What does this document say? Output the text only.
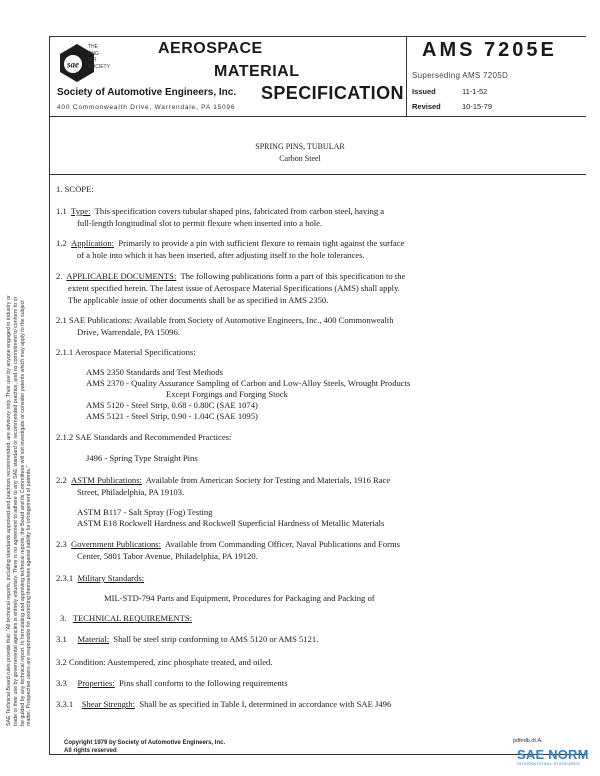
sae
THE
ENG
INR
SOCIETY
AEROSPACE
MATERIAL
SPECIFICATION
Society of Automotive Engineers, Inc.
400 Commonwealth Drive, Warrendale, PA 15096
AMS 7205E
Superseding AMS 7205D
Issued	11-1-52
Revised	10-15-79
SPRING PINS, TUBULAR
Carbon Steel
1. SCOPE:
1.1 Type: This specification covers tubular shaped pins, fabricated from carbon steel, having a
full-length longitudinal slot to permit flexure when inserted into a hole.
1.2 Application: Primarily to provide a pin with sufficient flexure to remain tight against the surface
of a hole into which it has been inserted, after adjusting itself to the hole tolerances.
2. APPLICABLE DOCUMENTS: The following publications form a part of this specification to the
extent specified herein. The latest issue of Aerospace Material Specifications (AMS) shall apply.
The applicable issue of other documents shall be as specified in AMS 2350.
2.1 SAE Publications: Available from Society of Automotive Engineers, Inc., 400 Commonwealth
Drive, Warrendale, PA 15096.
2.1.1 Aerospace Material Specifications:
AMS 2350 Standards and Test Methods
AMS 2370 - Quality Assurance Sampling of Carbon and Low-Alloy Steels, Wrought Products
Except Forgings and Forging Stock
AMS 5120 - Steel Strip, 0.68 - 0.80C (SAE 1074)
AMS 5121 - Steel Strip, 0.90 - 1.04C (SAE 1095)
2.1.2 SAE Standards and Recommended Practices:
J496 - Spring Type Straight Pins
2.2 ASTM Publications: Available from American Society for Testing and Materials, 1916 Race
Street, Philadelphia, PA 19103.
ASTM B117 - Salt Spray (Fog) Testing
ASTM E18 Rockwell Hardness and Rockwell Superficial Hardness of Metallic Materials
2.3 Government Publications: Available from Commanding Officer, Naval Publications and Forms
Center, 5801 Tabor Avenue, Philadelphia, PA 19120.
2.3.1 Military Standards:
MIL-STD-794 Parts and Equipment, Procedures for Packaging and Packing of
3. TECHNICAL REQUIREMENTS:
3.1 Material: Shall be steel strip conforming to AMS 5120 or AMS 5121.
3.2 Condition: Austempered, zinc phosphate treated, and oiled.
3.3 Properties: Pins shall conform to the following requirements
3.3.1 Shear Strength: Shall be as specified in Table I, determined in accordance with SAE J496

SAE Technical Board rules provide that: "All technical reports, including standards approved and practices recommended, are advisory only. Their use by anyone engaged in industry or trade or their use by governmental agencies is entirely voluntary. There is no agreement to adhere to any SAE standard or recommended practice, and no commitment to conform to or be guided by any technical report. In formulating and approving technical reports, the Board and its Committees will not investigate or consider patents which may apply to the subject matter. Prospective users are responsible for protecting themselves against liability for infringement of patents."

Copyright 1979 by Society of Automotive Engineers, Inc.
All rights reserved
pdfedb.dt.A.
SAE NORM
INTERNATIONAL STANDARDS
